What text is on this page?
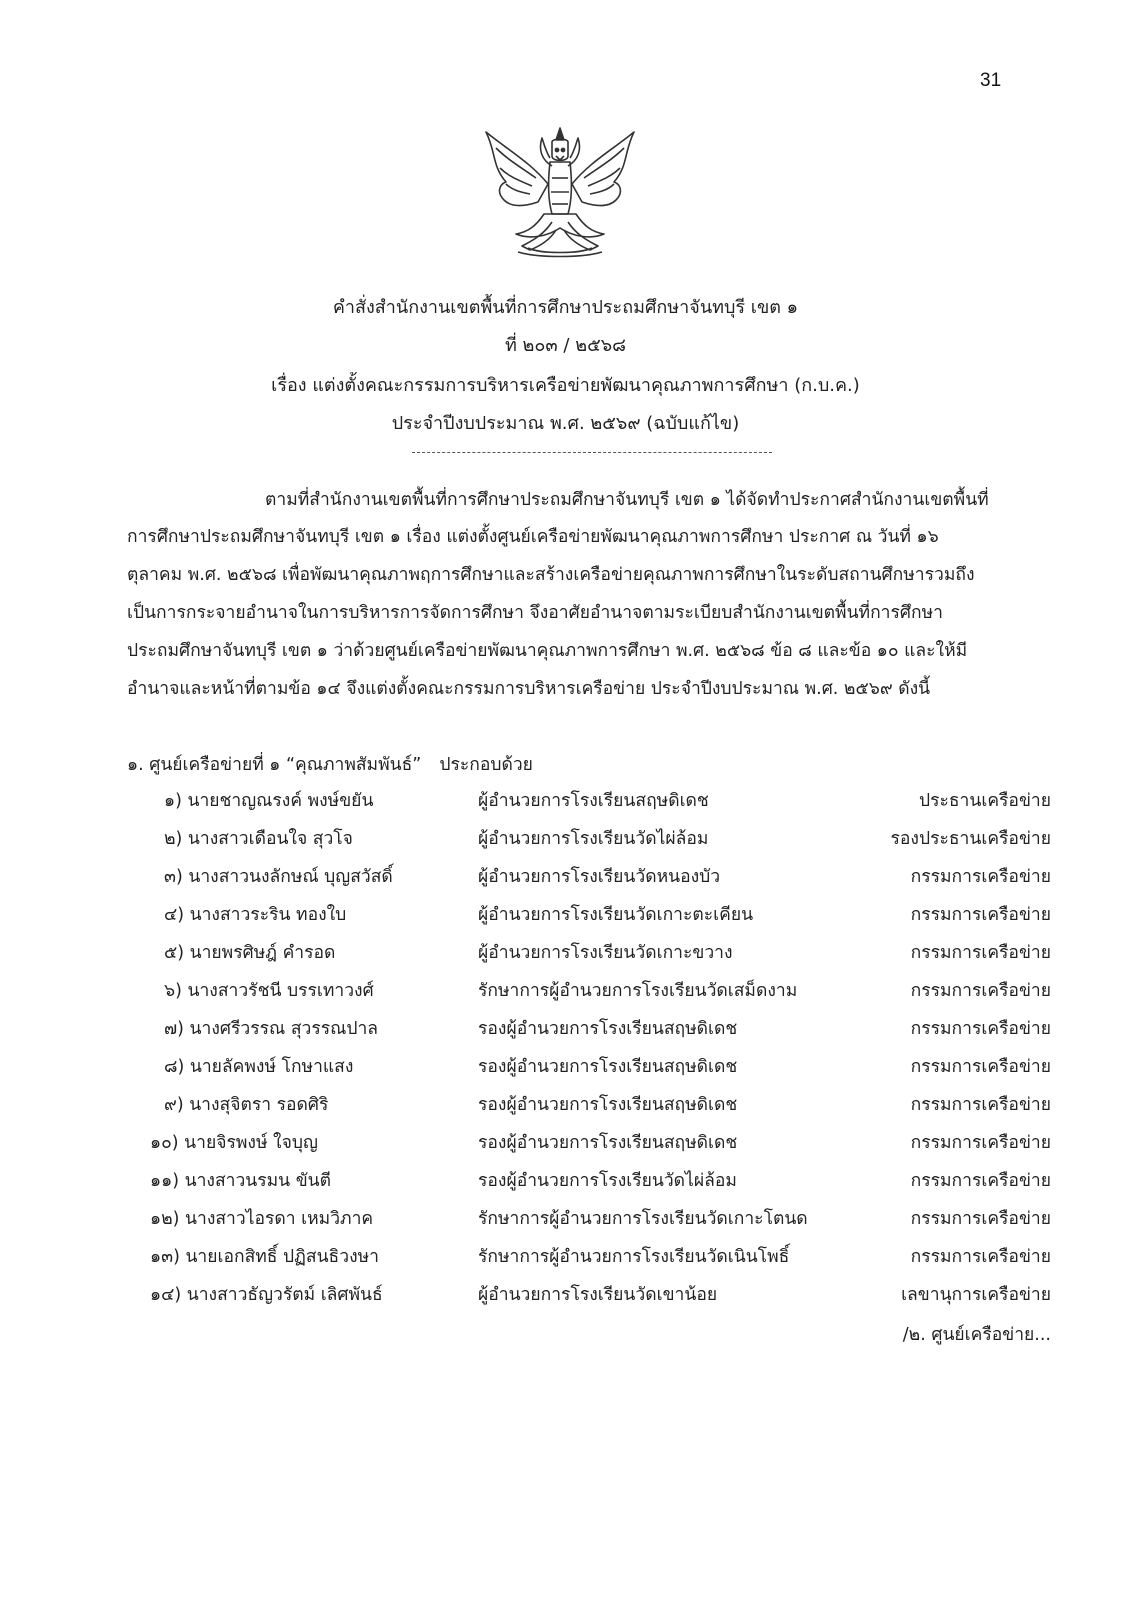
31
คำสั่งสำนักงานเขตพื้นที่การศึกษาประถมศึกษาจันทบุรี เขต ๑
ที่ ๒๐๓ / ๒๕๖๘
เรื่อง แต่งตั้งคณะกรรมการบริหารเครือข่ายพัฒนาคุณภาพการศึกษา (ก.บ.ค.)
ประจำปีงบประมาณ พ.ศ. ๒๕๖๙ (ฉบับแก้ไข)
ตามที่สำนักงานเขตพื้นที่การศึกษาประถมศึกษาจันทบุรี เขต ๑ ได้จัดทำประกาศสำนักงานเขตพื้นที่
การศึกษาประถมศึกษาจันทบุรี เขต ๑ เรื่อง แต่งตั้งศูนย์เครือข่ายพัฒนาคุณภาพการศึกษา ประกาศ ณ วันที่ ๑๖
ตุลาคม พ.ศ. ๒๕๖๘ เพื่อพัฒนาคุณภาพฤการศึกษาและสร้างเครือข่ายคุณภาพการศึกษาในระดับสถานศึกษารวมถึง
เป็นการกระจายอำนาจในการบริหารการจัดการศึกษา จึงอาศัยอำนาจตามระเบียบสำนักงานเขตพื้นที่การศึกษา
ประถมศึกษาจันทบุรี เขต ๑ ว่าด้วยศูนย์เครือข่ายพัฒนาคุณภาพการศึกษา พ.ศ. ๒๕๖๘ ข้อ ๘ และข้อ ๑๐ และให้มี
อำนาจและหน้าที่ตามข้อ ๑๔ จึงแต่งตั้งคณะกรรมการบริหารเครือข่าย ประจำปีงบประมาณ พ.ศ. ๒๕๖๙ ดังนี้
๑. ศูนย์เครือข่ายที่ ๑ “คุณภาพสัมพันธ์” ประกอบด้วย
๑) นายชาญณรงค์ พงษ์ขยัน	ผู้อำนวยการโรงเรียนสฤษดิเดช	ประธานเครือข่าย
๒) นางสาวเดือนใจ สุวโจ	ผู้อำนวยการโรงเรียนวัดไผ่ล้อม	รองประธานเครือข่าย
๓) นางสาวนงลักษณ์ บุญสวัสดิ์	ผู้อำนวยการโรงเรียนวัดหนองบัว	กรรมการเครือข่าย
๔) นางสาวระริน ทองใบ	ผู้อำนวยการโรงเรียนวัดเกาะตะเคียน	กรรมการเครือข่าย
๕) นายพรศิษฎ์ คำรอด	ผู้อำนวยการโรงเรียนวัดเกาะขวาง	กรรมการเครือข่าย
๖) นางสาวรัชนี บรรเทาวงศ์	รักษาการผู้อำนวยการโรงเรียนวัดเสม็ดงาม	กรรมการเครือข่าย
๗) นางศรีวรรณ สุวรรณปาล	รองผู้อำนวยการโรงเรียนสฤษดิเดช	กรรมการเครือข่าย
๘) นายลัคพงษ์ โกษาแสง	รองผู้อำนวยการโรงเรียนสฤษดิเดช	กรรมการเครือข่าย
๙) นางสุจิตรา รอดศิริ	รองผู้อำนวยการโรงเรียนสฤษดิเดช	กรรมการเครือข่าย
๑๐) นายจิรพงษ์ ใจบุญ	รองผู้อำนวยการโรงเรียนสฤษดิเดช	กรรมการเครือข่าย
๑๑) นางสาวนรมน ขันตี	รองผู้อำนวยการโรงเรียนวัดไผ่ล้อม	กรรมการเครือข่าย
๑๒) นางสาวไอรดา เหมวิภาค	รักษาการผู้อำนวยการโรงเรียนวัดเกาะโตนด	กรรมการเครือข่าย
๑๓) นายเอกสิทธิ์ ปฏิสนธิวงษา	รักษาการผู้อำนวยการโรงเรียนวัดเนินโพธิ์	กรรมการเครือข่าย
๑๔) นางสาวธัญวรัตม์ เลิศพันธ์	ผู้อำนวยการโรงเรียนวัดเขาน้อย	เลขานุการเครือข่าย
/๒. ศูนย์เครือข่าย...
